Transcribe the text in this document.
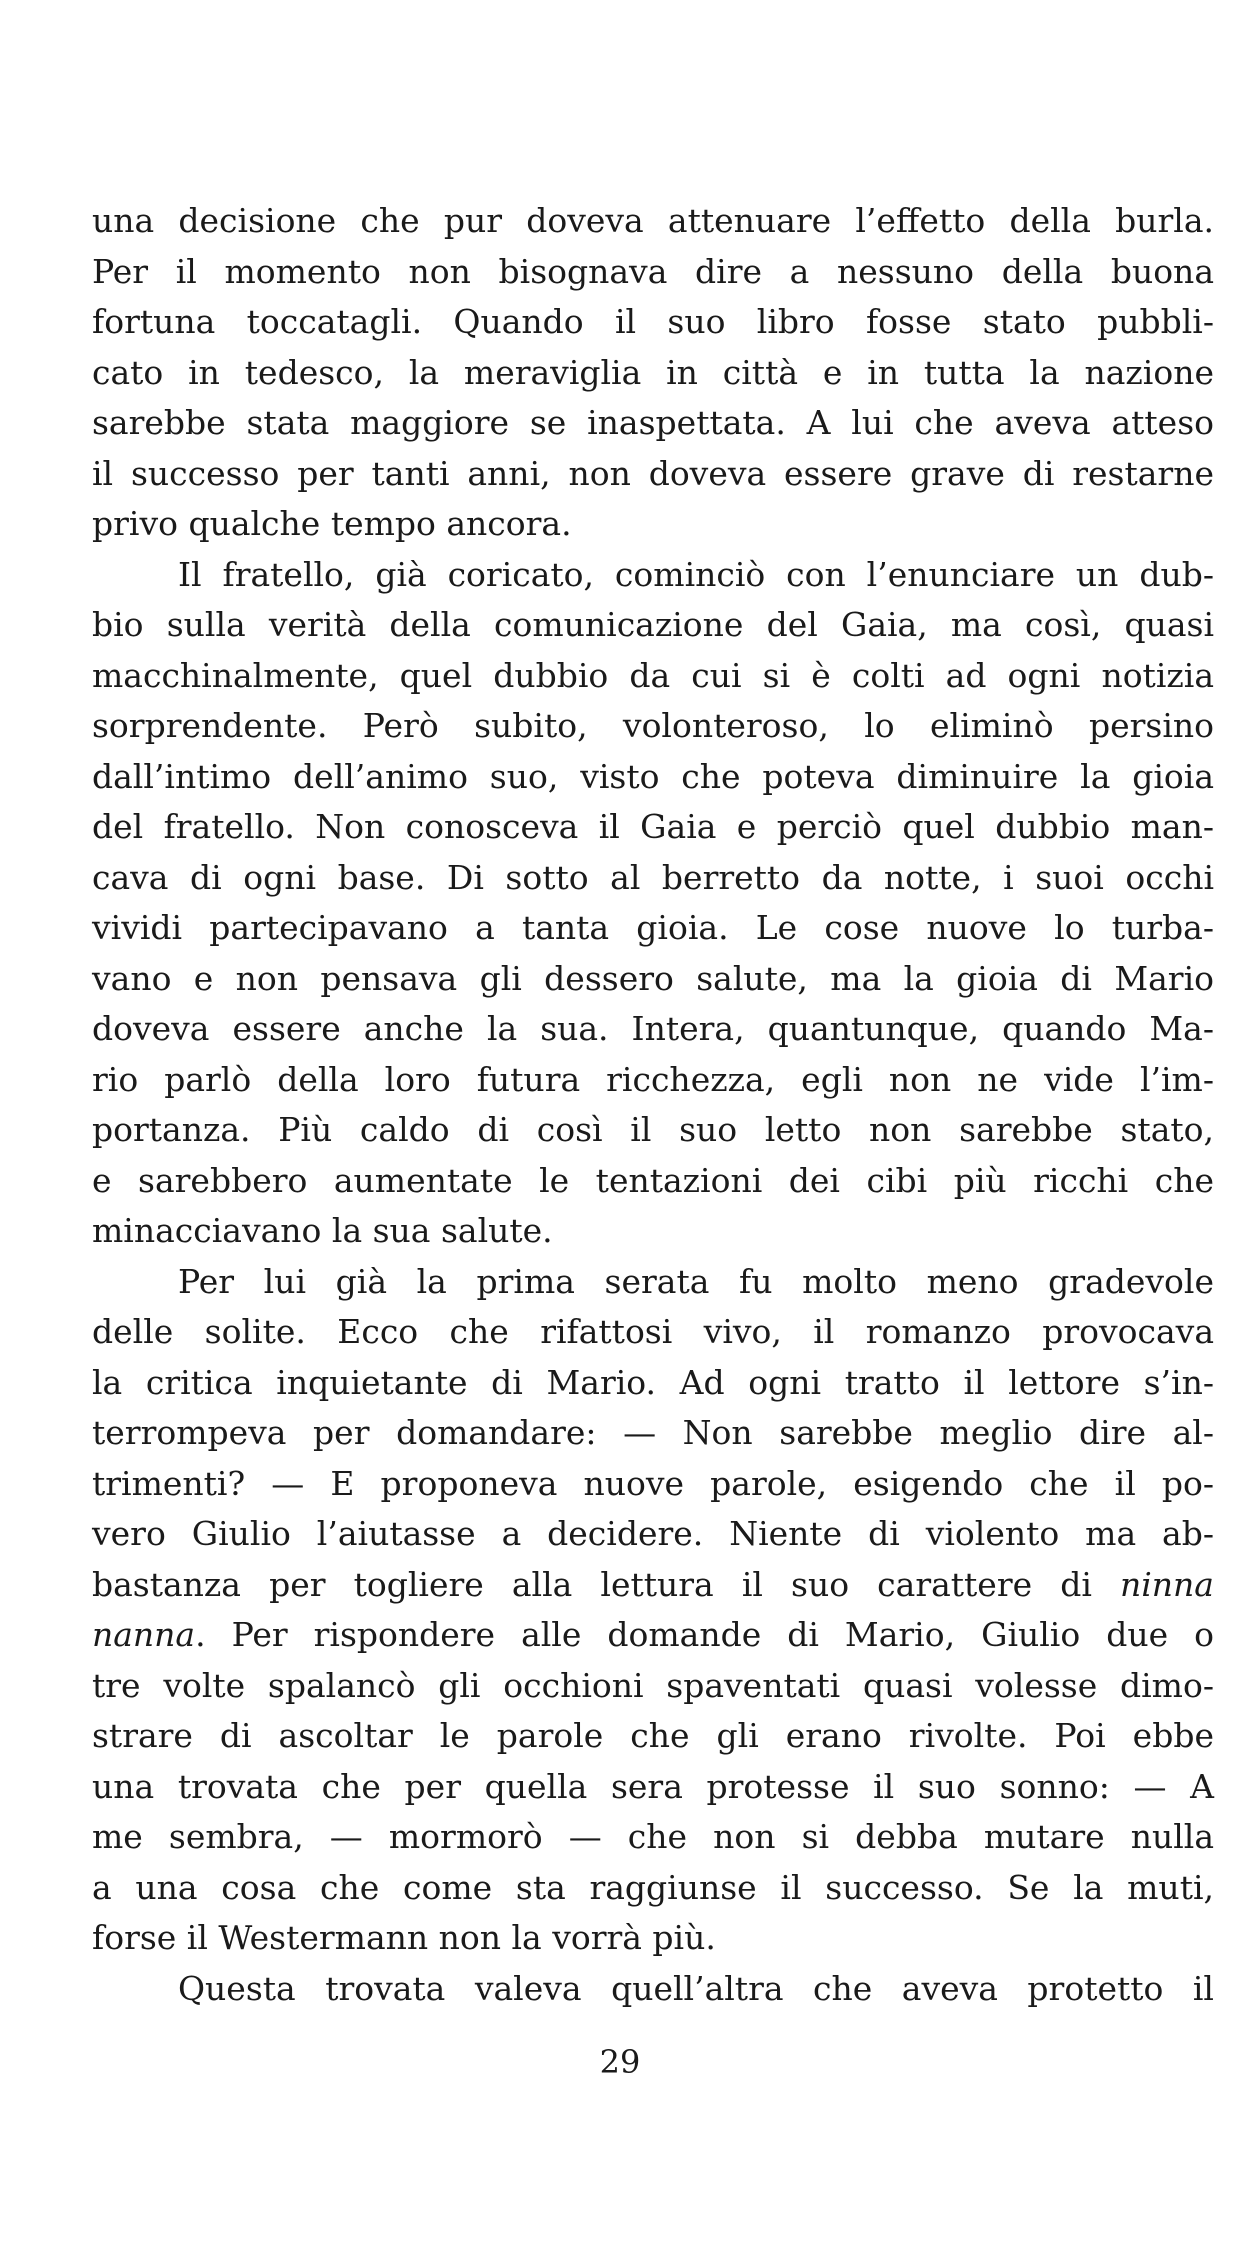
una decisione che pur doveva attenuare l’effetto della burla.
Per il momento non bisognava dire a nessuno della buona
fortuna toccatagli. Quando il suo libro fosse stato pubbli-
cato in tedesco, la meraviglia in città e in tutta la nazione
sarebbe stata maggiore se inaspettata. A lui che aveva atteso
il successo per tanti anni, non doveva essere grave di restarne
privo qualche tempo ancora.
Il fratello, già coricato, cominciò con l’enunciare un dub-
bio sulla verità della comunicazione del Gaia, ma così, quasi
macchinalmente, quel dubbio da cui si è colti ad ogni notizia
sorprendente. Però subito, volonteroso, lo eliminò persino
dall’intimo dell’animo suo, visto che poteva diminuire la gioia
del fratello. Non conosceva il Gaia e perciò quel dubbio man-
cava di ogni base. Di sotto al berretto da notte, i suoi occhi
vividi partecipavano a tanta gioia. Le cose nuove lo turba-
vano e non pensava gli dessero salute, ma la gioia di Mario
doveva essere anche la sua. Intera, quantunque, quando Ma-
rio parlò della loro futura ricchezza, egli non ne vide l’im-
portanza. Più caldo di così il suo letto non sarebbe stato,
e sarebbero aumentate le tentazioni dei cibi più ricchi che
minacciavano la sua salute.
Per lui già la prima serata fu molto meno gradevole
delle solite. Ecco che rifattosi vivo, il romanzo provocava
la critica inquietante di Mario. Ad ogni tratto il lettore s’in-
terrompeva per domandare: — Non sarebbe meglio dire al-
trimenti? — E proponeva nuove parole, esigendo che il po-
vero Giulio l’aiutasse a decidere. Niente di violento ma ab-
bastanza per togliere alla lettura il suo carattere di ninna
nanna. Per rispondere alle domande di Mario, Giulio due o
tre volte spalancò gli occhioni spaventati quasi volesse dimo-
strare di ascoltar le parole che gli erano rivolte. Poi ebbe
una trovata che per quella sera protesse il suo sonno: — A
me sembra, — mormorò — che non si debba mutare nulla
a una cosa che come sta raggiunse il successo. Se la muti,
forse il Westermann non la vorrà più.
Questa trovata valeva quell’altra che aveva protetto il
29
